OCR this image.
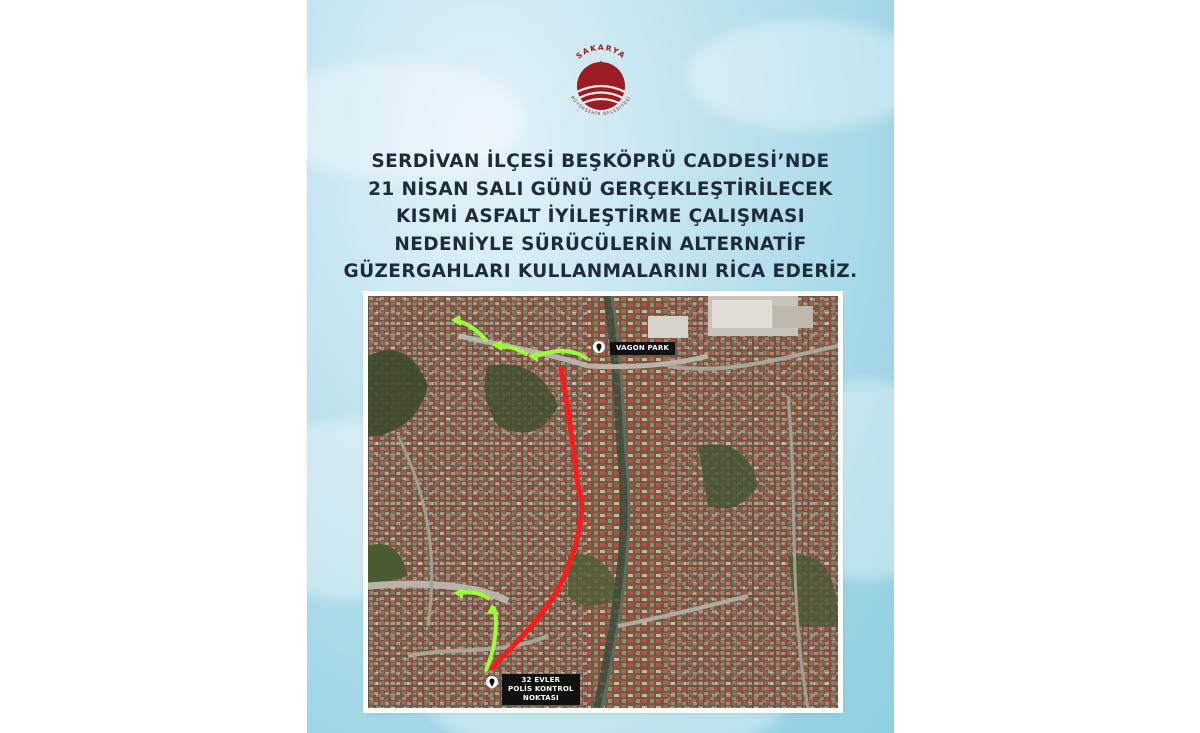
SAKARYA
BÜYÜKŞEHİR BELEDİYESİ
SERDİVAN İLÇESİ BEŞKÖPRÜ CADDESİ’NDE
21 NİSAN SALI GÜNÜ GERÇEKLEŞTİRİLECEK
KISMİ ASFALT İYİLEŞTİRME ÇALIŞMASI
NEDENİYLE SÜRÜCÜLERİN ALTERNATİF
GÜZERGAHLARI KULLANMALARINI RİCA EDERİZ.
VAGON PARK
32 EVLER
POLİS KONTROL
NOKTASI
